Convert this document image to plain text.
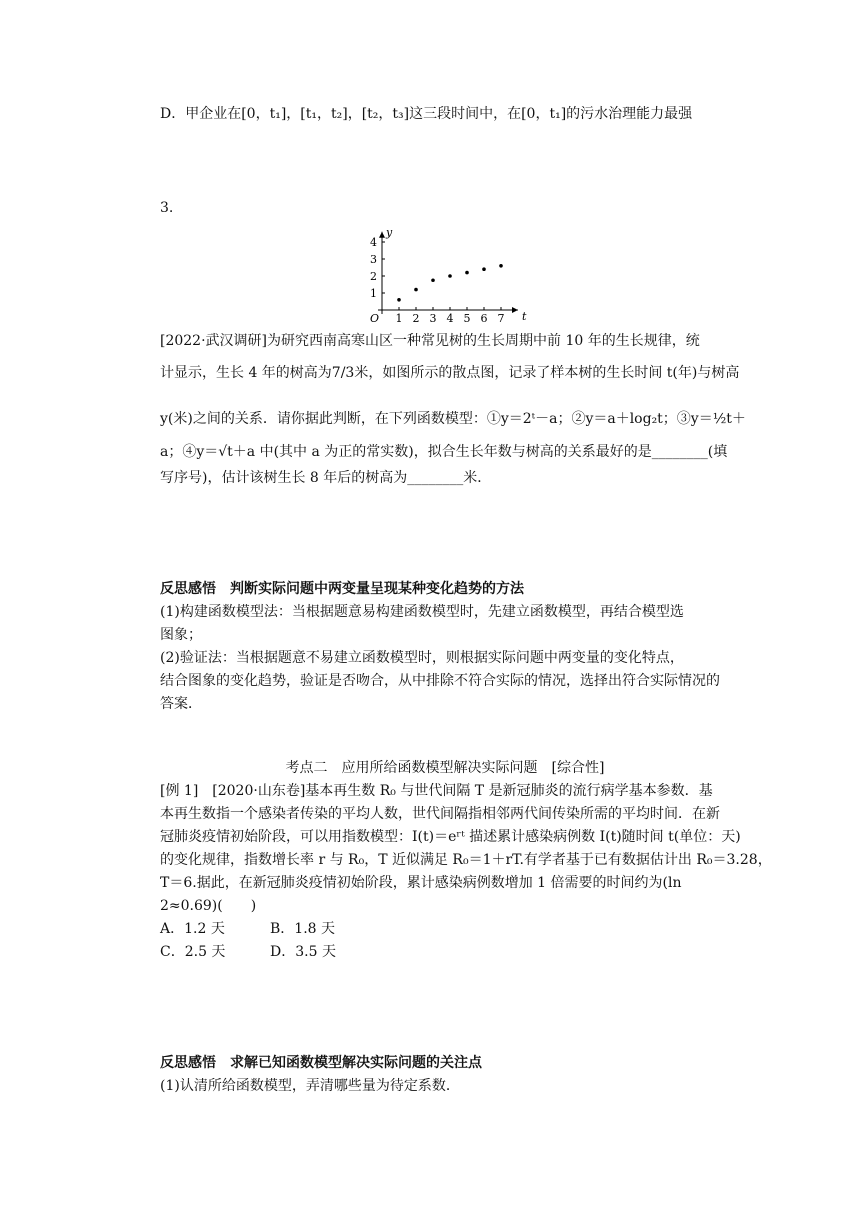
D．甲企业在[0，t₁]，[t₁，t₂]，[t₂，t₃]这三段时间中，在[0，t₁]的污水治理能力最强
3.
t
y
O 1 2 3 4 5 6 7
1
2
3
4
[2022·武汉调研]为研究西南高寒山区一种常见树的生长周期中前 10 年的生长规律，统
计显示，生长 4 年的树高为7/3米，如图所示的散点图，记录了样本树的生长时间 t(年)与树高
y(米)之间的关系．请你据此判断，在下列函数模型：①y＝2ᵗ－a；②y＝a＋log₂t；③y＝½t＋
a；④y＝√t＋a 中(其中 a 为正的常实数)，拟合生长年数与树高的关系最好的是________(填
写序号)，估计该树生长 8 年后的树高为________米．
反思感悟　判断实际问题中两变量呈现某种变化趋势的方法
(1)构建函数模型法：当根据题意易构建函数模型时，先建立函数模型，再结合模型选
图象；
(2)验证法：当根据题意不易建立函数模型时，则根据实际问题中两变量的变化特点，
结合图象的变化趋势，验证是否吻合，从中排除不符合实际的情况，选择出符合实际情况的
答案．
考点二　应用所给函数模型解决实际问题　[综合性]
[例 1]　[2020·山东卷]基本再生数 R₀ 与世代间隔 T 是新冠肺炎的流行病学基本参数．基
本再生数指一个感染者传染的平均人数，世代间隔指相邻两代间传染所需的平均时间．在新
冠肺炎疫情初始阶段，可以用指数模型：I(t)＝eʳᵗ 描述累计感染病例数 I(t)随时间 t(单位：天)
的变化规律，指数增长率 r 与 R₀，T 近似满足 R₀＝1＋rT.有学者基于已有数据估计出 R₀＝3.28，
T＝6.据此，在新冠肺炎疫情初始阶段，累计感染病例数增加 1 倍需要的时间约为(ln
2≈0.69)(　　)
A．1.2 天	B．1.8 天
C．2.5 天	D．3.5 天
反思感悟　求解已知函数模型解决实际问题的关注点
(1)认清所给函数模型，弄清哪些量为待定系数．
